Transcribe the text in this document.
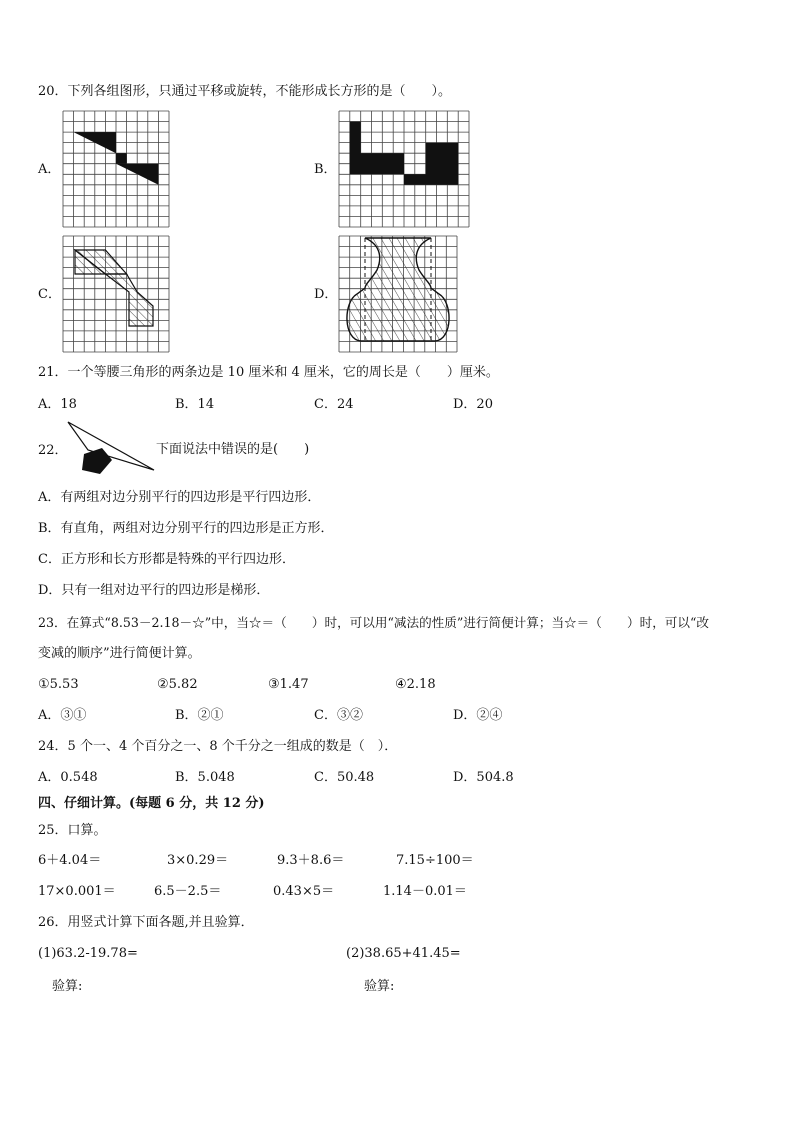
20．下列各组图形，只通过平移或旋转，不能形成长方形的是（　　）。
A．	B．
C．	D．
21．一个等腰三角形的两条边是 10 厘米和 4 厘米，它的周长是（　　）厘米。
A．18	B．14	C．24	D．20
22．	下面说法中错误的是(　　)
A．有两组对边分别平行的四边形是平行四边形．
B．有直角，两组对边分别平行的四边形是正方形．
C．正方形和长方形都是特殊的平行四边形．
D．只有一组对边平行的四边形是梯形．
23．在算式“8.53－2.18－☆”中，当☆＝（　　）时，可以用“减法的性质”进行简便计算；当☆＝（　　）时，可以“改
变减的顺序”进行简便计算。
①5.53	②5.82	③1.47	④2.18
A．③①	B．②①	C．③②	D．②④
24．5 个一、4 个百分之一、8 个千分之一组成的数是（　）．
A．0.548	B．5.048	C．50.48	D．504.8
四、仔细计算。(每题 6 分，共 12 分)
25．口算。
6＋4.04＝	3×0.29＝	9.3＋8.6＝	7.15÷100＝
17×0.001＝	6.5－2.5＝	0.43×5＝	1.14－0.01＝
26．用竖式计算下面各题,并且验算．
(1)63.2-19.78=	(2)38.65+41.45=
验算:	验算:
